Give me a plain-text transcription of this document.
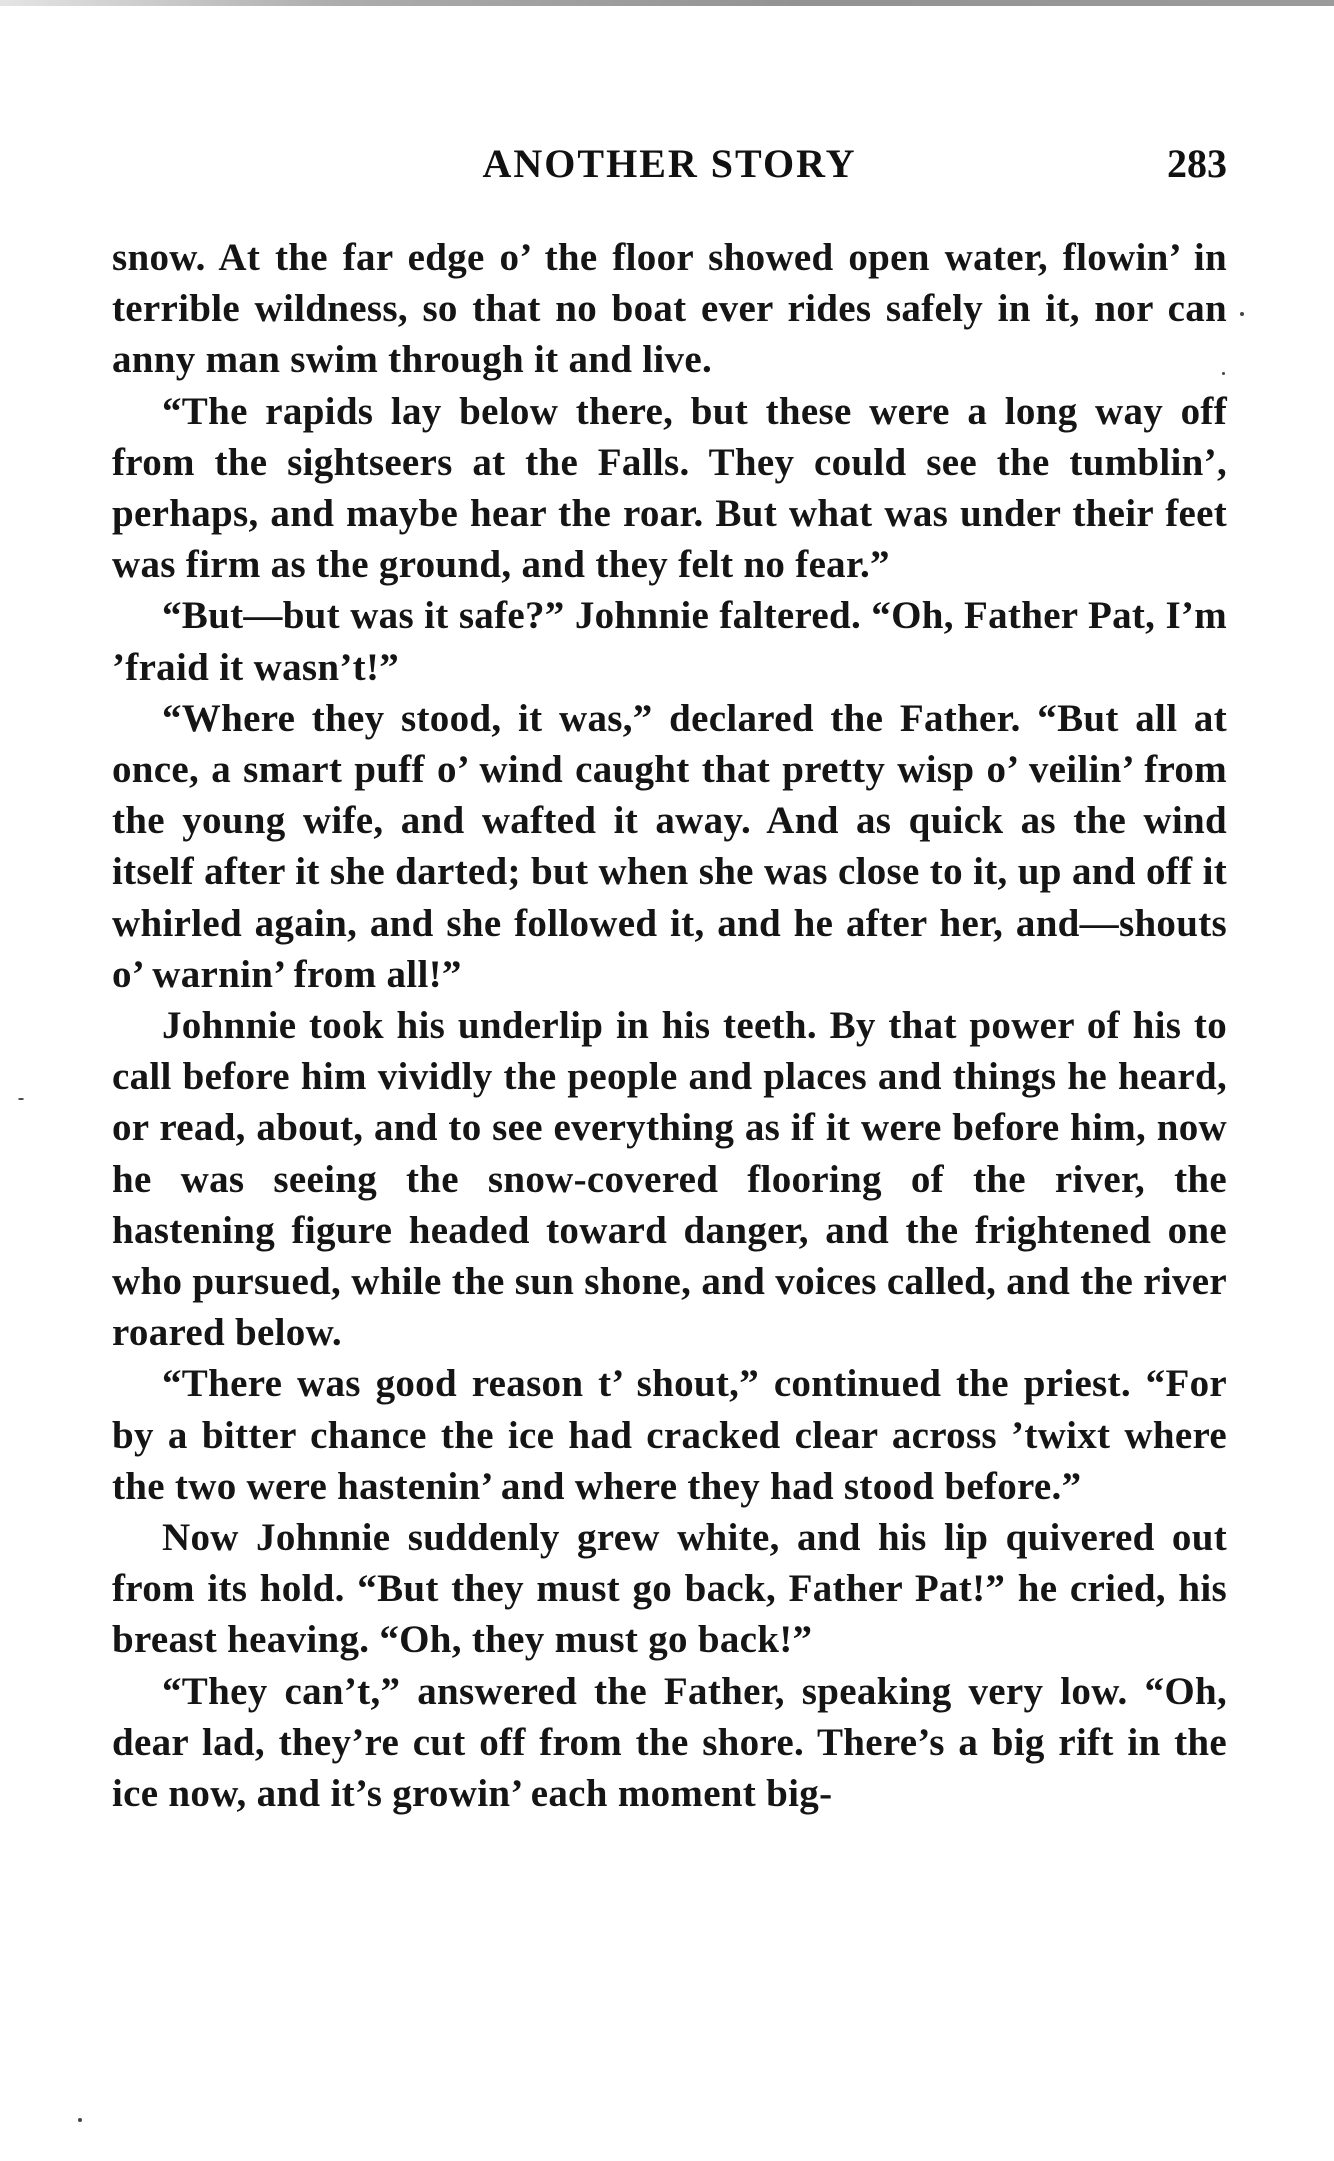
ANOTHER STORY	283

snow. At the far edge o’ the floor showed open water, flowin’ in terrible wildness, so that no boat ever rides safely in it, nor can anny man swim through it and live.

“The rapids lay below there, but these were a long way off from the sightseers at the Falls. They could see the tumblin’, perhaps, and maybe hear the roar. But what was under their feet was firm as the ground, and they felt no fear.”

“But—but was it safe?” Johnnie faltered. “Oh, Father Pat, I’m ’fraid it wasn’t!”

“Where they stood, it was,” declared the Father. “But all at once, a smart puff o’ wind caught that pretty wisp o’ veilin’ from the young wife, and wafted it away. And as quick as the wind itself after it she darted; but when she was close to it, up and off it whirled again, and she followed it, and he after her, and—shouts o’ warnin’ from all!”

Johnnie took his underlip in his teeth. By that power of his to call before him vividly the people and places and things he heard, or read, about, and to see everything as if it were before him, now he was seeing the snow-covered flooring of the river, the hastening figure headed toward danger, and the frightened one who pursued, while the sun shone, and voices called, and the river roared below.

“There was good reason t’ shout,” continued the priest. “For by a bitter chance the ice had cracked clear across ’twixt where the two were hastenin’ and where they had stood before.”

Now Johnnie suddenly grew white, and his lip quivered out from its hold. “But they must go back, Father Pat!” he cried, his breast heaving. “Oh, they must go back!”

“They can’t,” answered the Father, speaking very low. “Oh, dear lad, they’re cut off from the shore. There’s a big rift in the ice now, and it’s growin’ each moment big-
